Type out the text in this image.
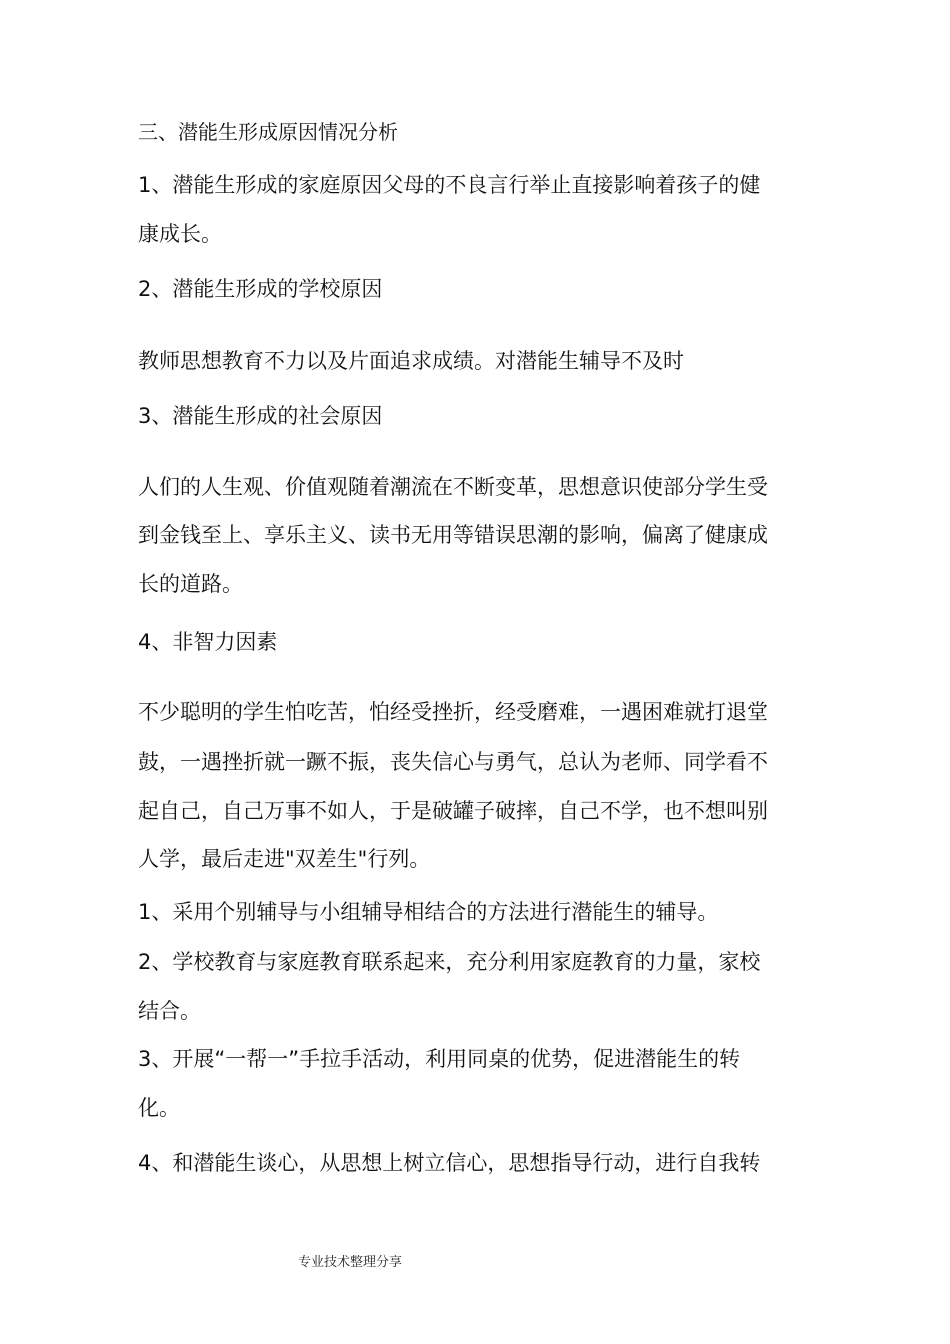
三、潜能生形成原因情况分析

1、潜能生形成的家庭原因父母的不良言行举止直接影响着孩子的健

康成长。

2、潜能生形成的学校原因

教师思想教育不力以及片面追求成绩。对潜能生辅导不及时

3、潜能生形成的社会原因

人们的人生观、价值观随着潮流在不断变革，思想意识使部分学生受

到金钱至上、享乐主义、读书无用等错误思潮的影响，偏离了健康成

长的道路。

4、非智力因素

不少聪明的学生怕吃苦，怕经受挫折，经受磨难，一遇困难就打退堂

鼓，一遇挫折就一蹶不振，丧失信心与勇气，总认为老师、同学看不

起自己，自己万事不如人，于是破罐子破摔，自己不学，也不想叫别

人学，最后走进"双差生"行列。

1、采用个别辅导与小组辅导相结合的方法进行潜能生的辅导。

2、学校教育与家庭教育联系起来，充分利用家庭教育的力量，家校

结合。

3、开展“一帮一”手拉手活动，利用同桌的优势，促进潜能生的转

化。

4、和潜能生谈心，从思想上树立信心，思想指导行动，进行自我转

专业技术整理分享
